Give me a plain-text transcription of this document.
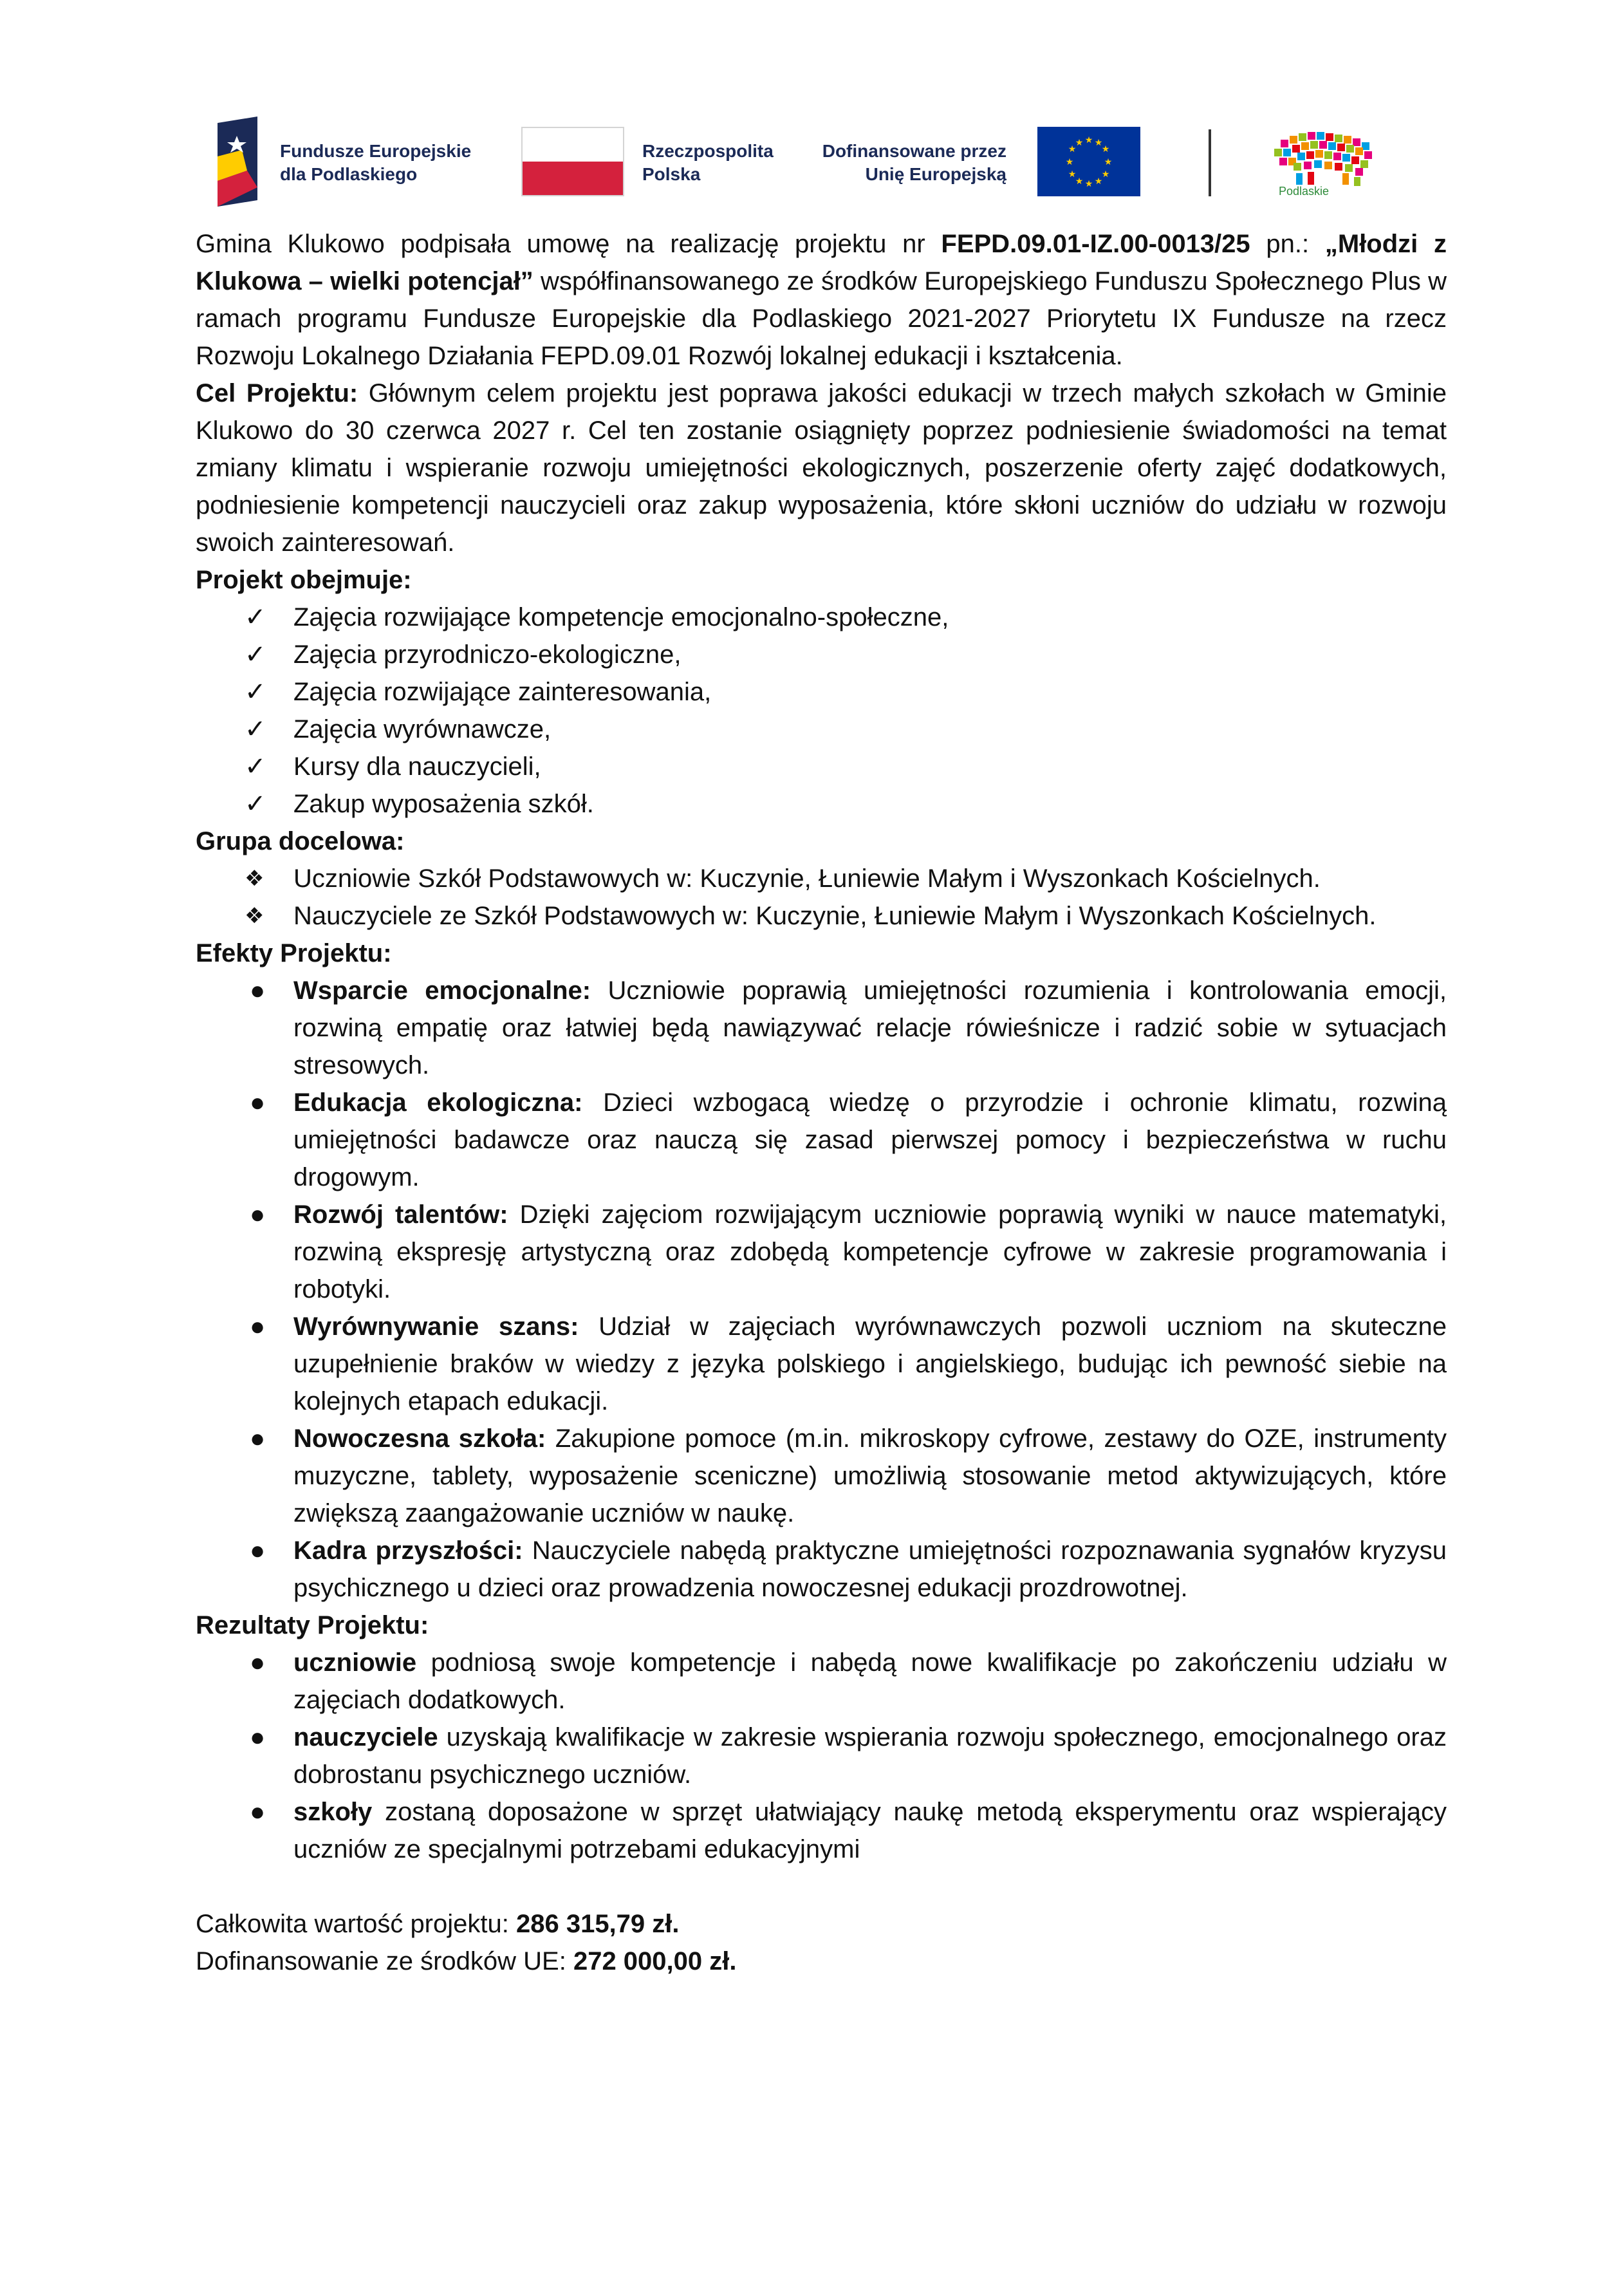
Fundusze Europejskie
dla Podlaskiego
Rzeczpospolita
Polska
Dofinansowane przez
Unię Europejską
★ ★
★
★
★
★
★
★
★
★
★
★
Podlaskie

Gmina Klukowo podpisała umowę na realizację projektu nr FEPD.09.01-IZ.00-0013/25 pn.: „Młodzi z Klukowa – wielki potencjał” współfinansowanego ze środków Europejskiego Funduszu Społecznego Plus w ramach programu Fundusze Europejskie dla Podlaskiego 2021-2027 Priorytetu IX Fundusze na rzecz Rozwoju Lokalnego Działania FEPD.09.01 Rozwój lokalnej edukacji i kształcenia.

Cel Projektu: Głównym celem projektu jest poprawa jakości edukacji w trzech małych szkołach w Gminie Klukowo do 30 czerwca 2027 r. Cel ten zostanie osiągnięty poprzez podniesienie świadomości na temat zmiany klimatu i wspieranie rozwoju umiejętności ekologicznych, poszerzenie oferty zajęć dodatkowych, podniesienie kompetencji nauczycieli oraz zakup wyposażenia, które skłoni uczniów do udziału w rozwoju swoich zainteresowań.

Projekt obejmuje:

✓	Zajęcia rozwijające kompetencje emocjonalno-społeczne,
✓	Zajęcia przyrodniczo-ekologiczne,
✓	Zajęcia rozwijające zainteresowania,
✓	Zajęcia wyrównawcze,
✓	Kursy dla nauczycieli,
✓	Zakup wyposażenia szkół.

Grupa docelowa:

❖	Uczniowie Szkół Podstawowych w: Kuczynie, Łuniewie Małym i Wyszonkach Kościelnych.
❖	Nauczyciele ze Szkół Podstawowych w: Kuczynie, Łuniewie Małym i Wyszonkach Kościelnych.

Efekty Projektu:

●	Wsparcie emocjonalne: Uczniowie poprawią umiejętności rozumienia i kontrolowania emocji, rozwiną empatię oraz łatwiej będą nawiązywać relacje rówieśnicze i radzić sobie w sytuacjach stresowych.
●	Edukacja ekologiczna: Dzieci wzbogacą wiedzę o przyrodzie i ochronie klimatu, rozwiną umiejętności badawcze oraz nauczą się zasad pierwszej pomocy i bezpieczeństwa w ruchu drogowym.
●	Rozwój talentów: Dzięki zajęciom rozwijającym uczniowie poprawią wyniki w nauce matematyki, rozwiną ekspresję artystyczną oraz zdobędą kompetencje cyfrowe w zakresie programowania i robotyki.
●	Wyrównywanie szans: Udział w zajęciach wyrównawczych pozwoli uczniom na skuteczne uzupełnienie braków w wiedzy z języka polskiego i angielskiego, budując ich pewność siebie na kolejnych etapach edukacji.
●	Nowoczesna szkoła: Zakupione pomoce (m.in. mikroskopy cyfrowe, zestawy do OZE, instrumenty muzyczne, tablety, wyposażenie sceniczne) umożliwią stosowanie metod aktywizujących, które zwiększą zaangażowanie uczniów w naukę.
●	Kadra przyszłości: Nauczyciele nabędą praktyczne umiejętności rozpoznawania sygnałów kryzysu psychicznego u dzieci oraz prowadzenia nowoczesnej edukacji prozdrowotnej.

Rezultaty Projektu:

●	uczniowie podniosą swoje kompetencje i nabędą nowe kwalifikacje po zakończeniu udziału w zajęciach dodatkowych.
●	nauczyciele uzyskają kwalifikacje w zakresie wspierania rozwoju społecznego, emocjonalnego oraz dobrostanu psychicznego uczniów.
●	szkoły zostaną doposażone w sprzęt ułatwiający naukę metodą eksperymentu oraz wspierający uczniów ze specjalnymi potrzebami edukacyjnymi

Całkowita wartość projektu: 286 315,79 zł.

Dofinansowanie ze środków UE: 272 000,00 zł.
